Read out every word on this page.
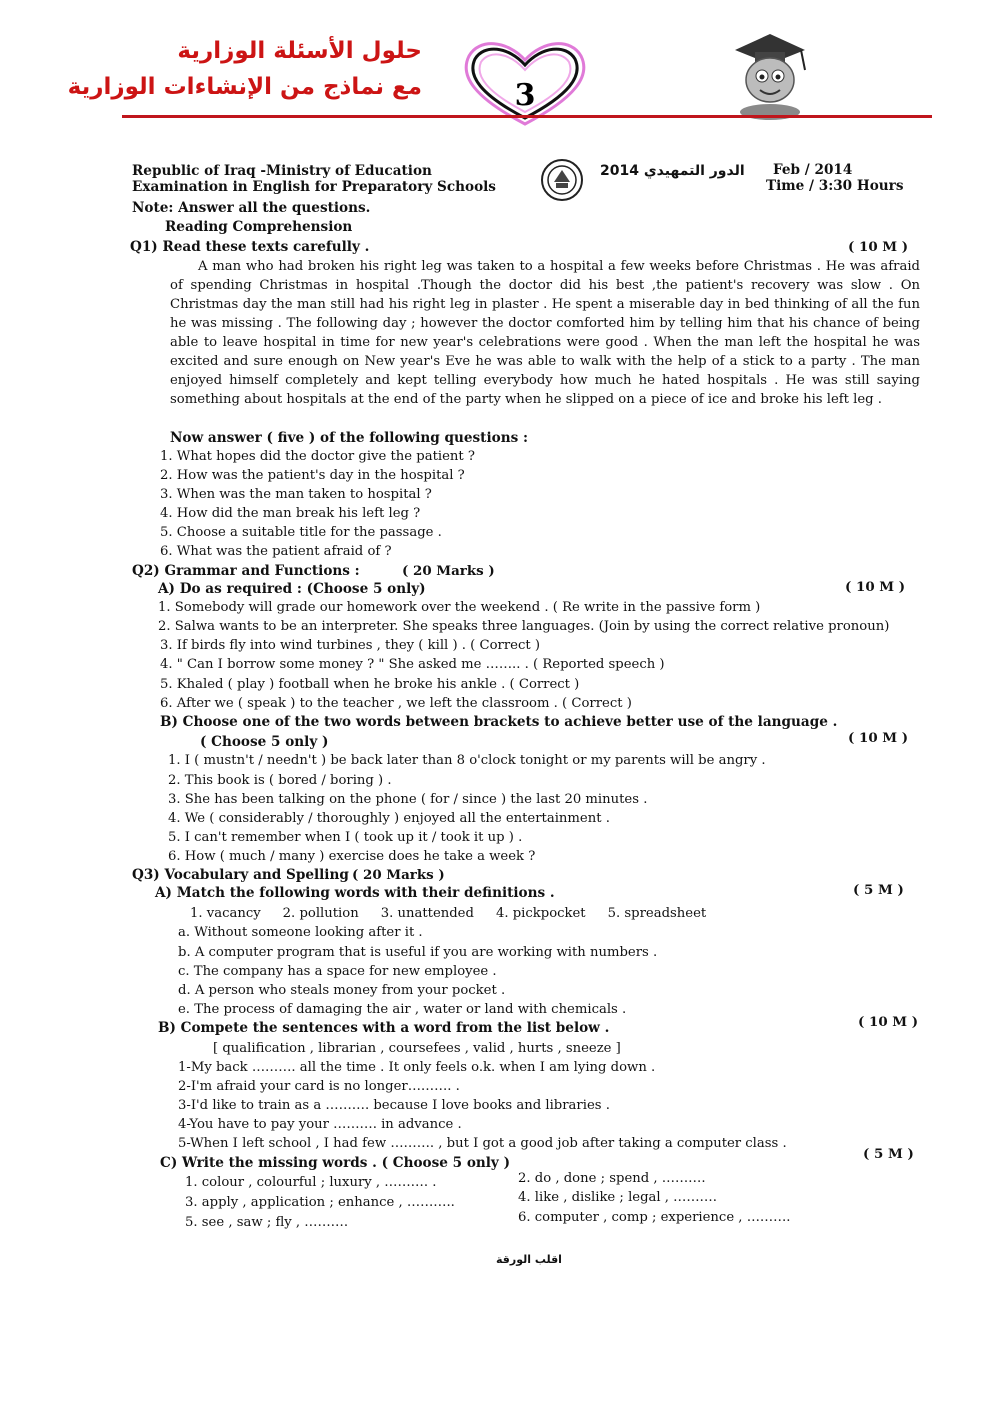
حلول الأسئلة الوزارية
مع نماذج من الإنشاءات الوزارية	3
Republic of Iraq -Ministry of Education
Examination in English for Preparatory Schools
Note: Answer all the questions.
Reading Comprehension
الدور التمهيدي 2014 Feb / 2014
Time / 3:30 Hours
Q1) Read these texts carefully .	( 10 M )

A man who had broken his right leg was taken to a hospital a few weeks before Christmas . He was afraid of spending Christmas in hospital .Though the doctor did his best ,the patient's recovery was slow . On Christmas day the man still had his right leg in plaster . He spent a miserable day in bed thinking of all the fun he was missing . The following day ; however the doctor comforted him by telling him that his chance of being able to leave hospital in time for new year's celebrations were good . When the man left the hospital he was excited and sure enough on New year's Eve he was able to walk with the help of a stick to a party . The man enjoyed himself completely and kept telling everybody how much he hated hospitals . He was still saying something about hospitals at the end of the party when he slipped on a piece of ice and broke his left leg .

Now answer ( five ) of the following questions :
1. What hopes did the doctor give the patient ?
2. How was the patient's day in the hospital ?
3. When was the man taken to hospital ?
4. How did the man break his left leg ?
5. Choose a suitable title for the passage .
6. What was the patient afraid of ?
Q2) Grammar and Functions :	( 20 Marks )
A) Do as required : (Choose 5 only)	( 10 M )
1. Somebody will grade our homework over the weekend . ( Re write in the passive form )
2. Salwa wants to be an interpreter. She speaks three languages. (Join by using the correct relative pronoun)
3. If birds fly into wind turbines , they ( kill ) . ( Correct )
4. " Can I borrow some money ? " She asked me …….. . ( Reported speech )
5. Khaled ( play ) football when he broke his ankle . ( Correct )
6. After we ( speak ) to the teacher , we left the classroom . ( Correct )
B) Choose one of the two words between brackets to achieve better use of the language .
( Choose 5 only )	( 10 M )
1. I ( mustn't / needn't ) be back later than 8 o'clock tonight or my parents will be angry .
2. This book is ( bored / boring ) .
3. She has been talking on the phone ( for / since ) the last 20 minutes .
4. We ( considerably / thoroughly ) enjoyed all the entertainment .
5. I can't remember when I ( took up it / took it up ) .
6. How ( much / many ) exercise does he take a week ?
Q3) Vocabulary and Spelling ( 20 Marks )
A) Match the following words with their definitions .	( 5 M )
1. vacancy 2. pollution 3. unattended 4. pickpocket 5. spreadsheet
a. Without someone looking after it .
b. A computer program that is useful if you are working with numbers .
c. The company has a space for new employee .
d. A person who steals money from your pocket .
e. The process of damaging the air , water or land with chemicals .
B) Compete the sentences with a word from the list below .	( 10 M )
[ qualification , librarian , coursefees , valid , hurts , sneeze ]
1-My back ………. all the time . It only feels o.k. when I am lying down .
2-I'm afraid your card is no longer………. .
3-I'd like to train as a ………. because I love books and libraries .
4-You have to pay your ………. in advance .
5-When I left school , I had few ………. , but I got a good job after taking a computer class .
C) Write the missing words . ( Choose 5 only )
( 5 M )
1. colour , colourful ; luxury , ………. .
3. apply , application ; enhance , ………..
5. see , saw ; fly , ……….
2. do , done ; spend , ……….
4. like , dislike ; legal , ……….
6. computer , comp ; experience , ……….
اقلب الورقة
